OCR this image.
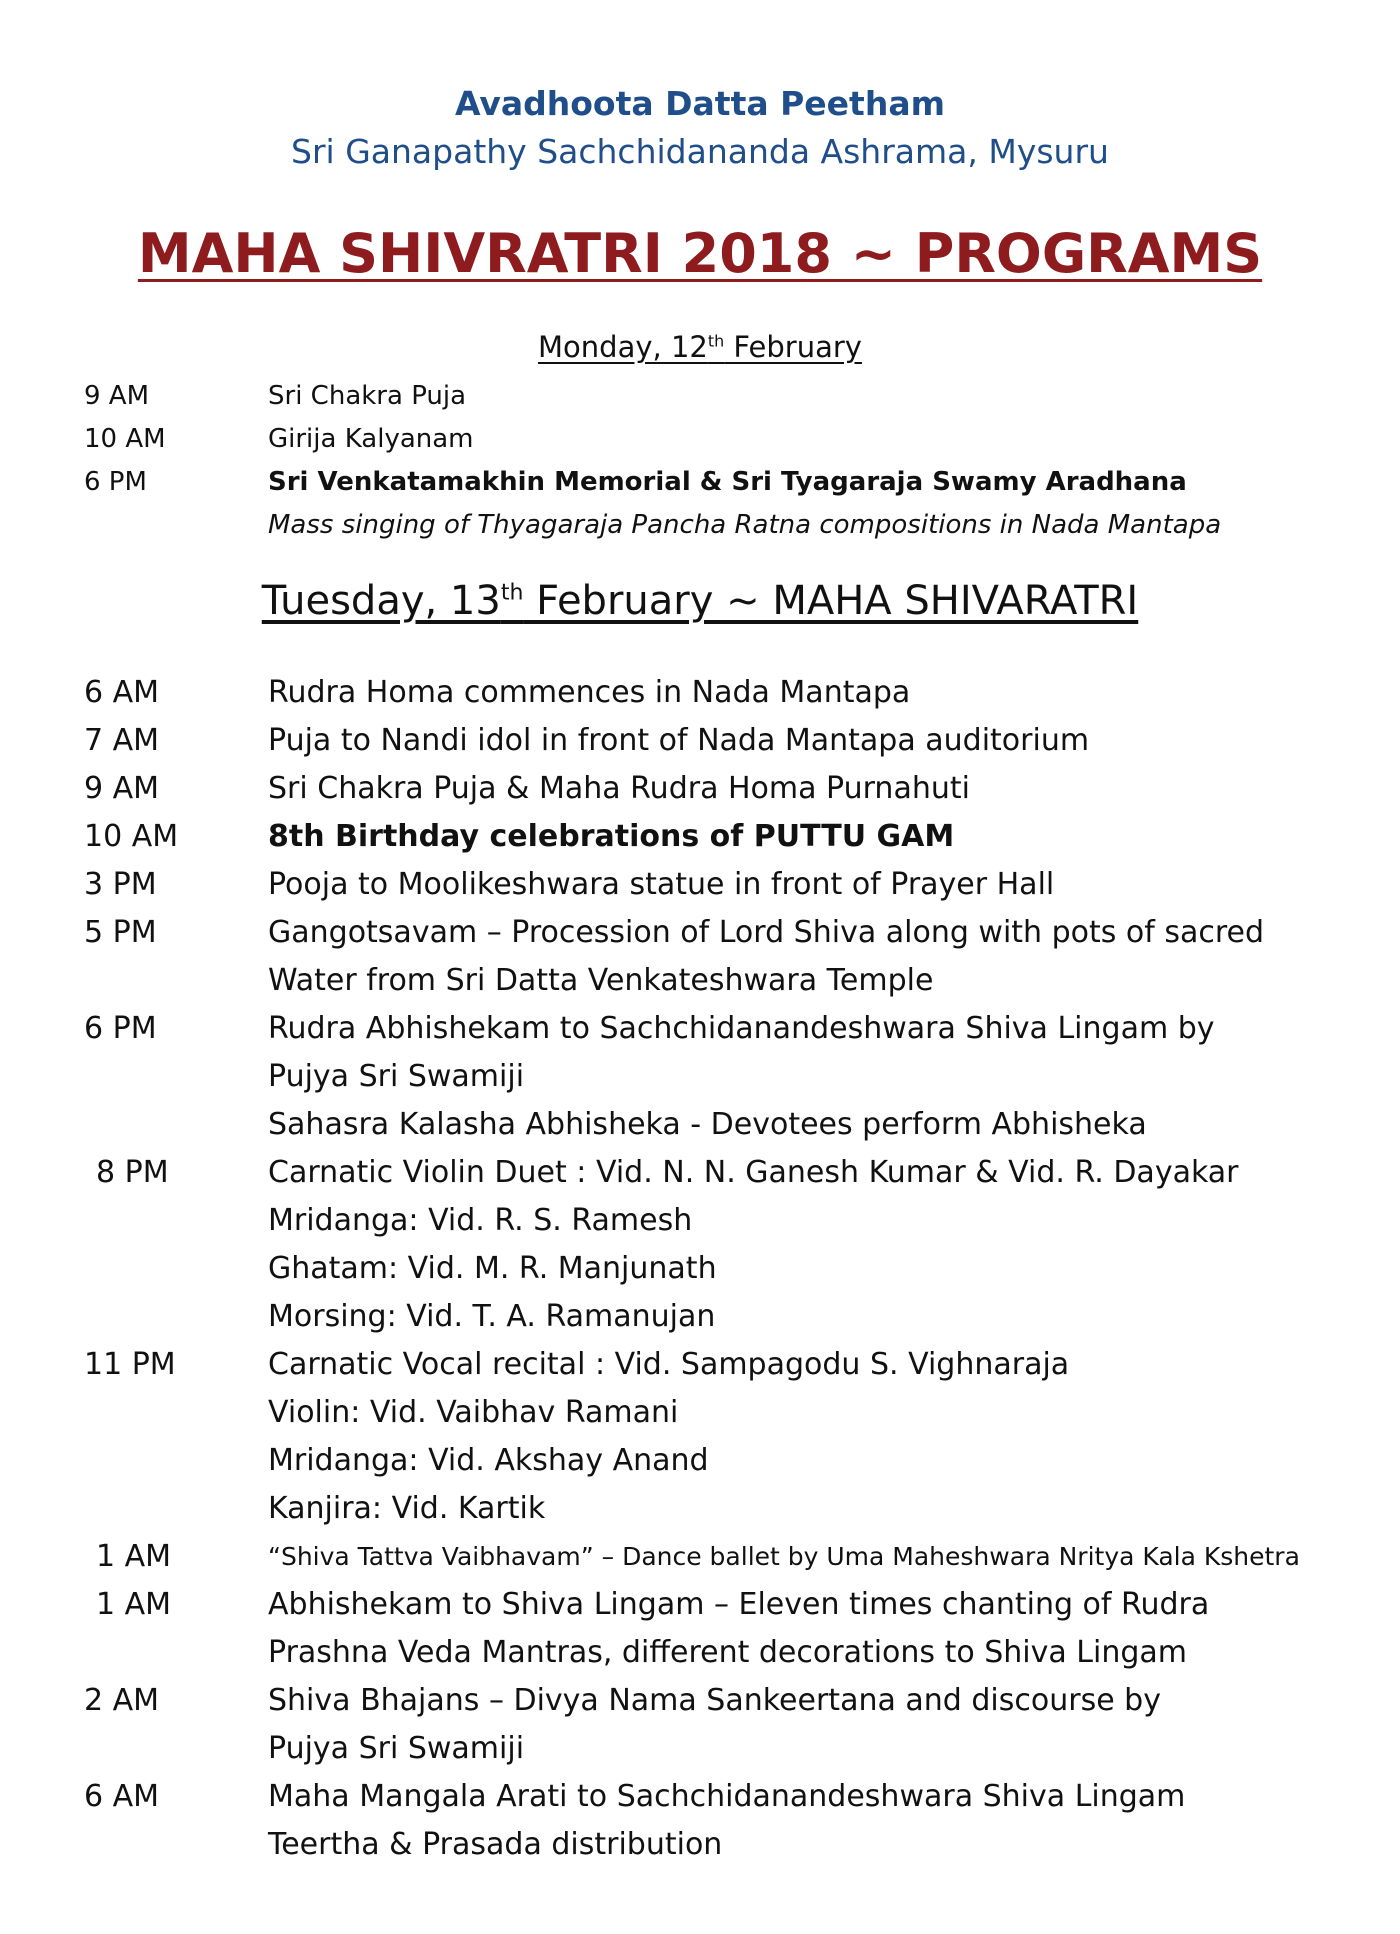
Avadhoota Datta Peetham
Sri Ganapathy Sachchidananda Ashrama, Mysuru
MAHA SHIVRATRI 2018 ~ PROGRAMS
Monday, 12th February
9 AM	Sri Chakra Puja
10 AM	Girija Kalyanam
6 PM	Sri Venkatamakhin Memorial & Sri Tyagaraja Swamy Aradhana
Mass singing of Thyagaraja Pancha Ratna compositions in Nada Mantapa
Tuesday, 13th February ~ MAHA SHIVARATRI
6 AM	Rudra Homa commences in Nada Mantapa
7 AM	Puja to Nandi idol in front of Nada Mantapa auditorium
9 AM	Sri Chakra Puja & Maha Rudra Homa Purnahuti
10 AM	8th Birthday celebrations of PUTTU GAM
3 PM	Pooja to Moolikeshwara statue in front of Prayer Hall
5 PM	Gangotsavam – Procession of Lord Shiva along with pots of sacred
Water from Sri Datta Venkateshwara Temple
6 PM	Rudra Abhishekam to Sachchidanandeshwara Shiva Lingam by
Pujya Sri Swamiji
Sahasra Kalasha Abhisheka - Devotees perform Abhisheka
8 PM	Carnatic Violin Duet : Vid. N. N. Ganesh Kumar & Vid. R. Dayakar
Mridanga: Vid. R. S. Ramesh
Ghatam: Vid. M. R. Manjunath
Morsing: Vid. T. A. Ramanujan
11 PM	Carnatic Vocal recital : Vid. Sampagodu S. Vighnaraja
Violin: Vid. Vaibhav Ramani
Mridanga: Vid. Akshay Anand
Kanjira: Vid. Kartik
1 AM	“Shiva Tattva Vaibhavam” – Dance ballet by Uma Maheshwara Nritya Kala Kshetra
1 AM	Abhishekam to Shiva Lingam – Eleven times chanting of Rudra
Prashna Veda Mantras, different decorations to Shiva Lingam
2 AM	Shiva Bhajans – Divya Nama Sankeertana and discourse by
Pujya Sri Swamiji
6 AM	Maha Mangala Arati to Sachchidanandeshwara Shiva Lingam
Teertha & Prasada distribution
